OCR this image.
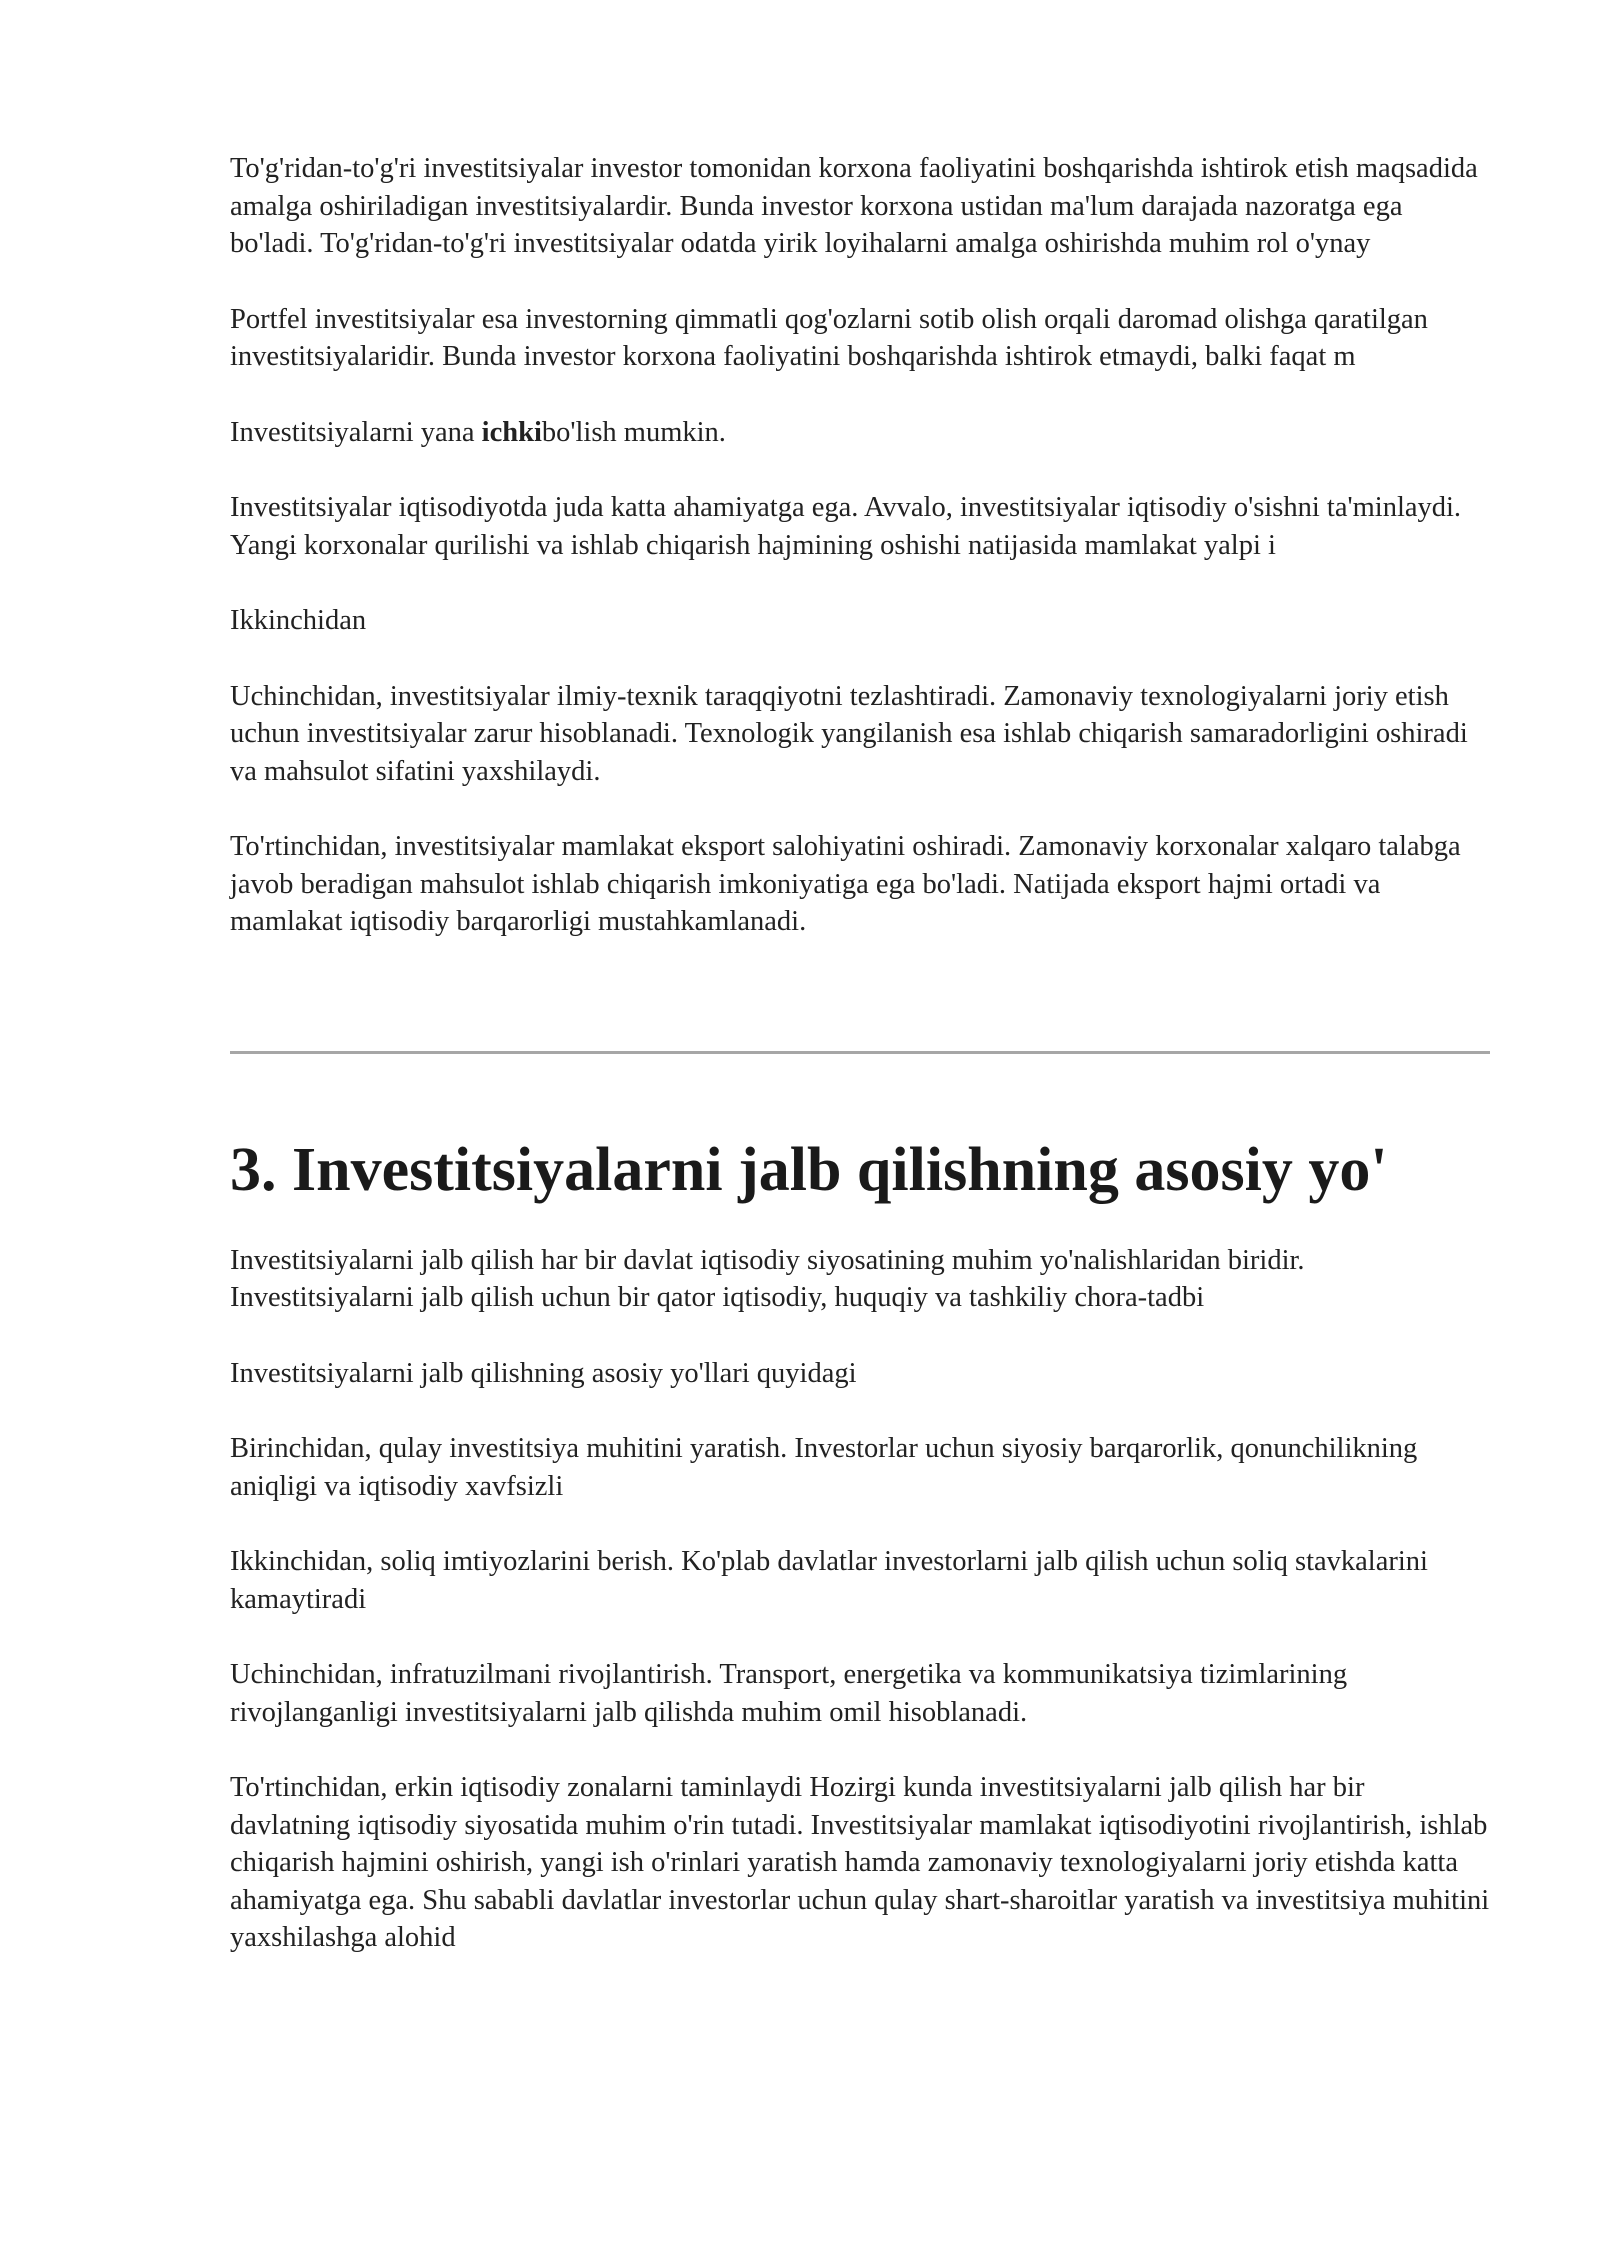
To'g'ridan-to'g'ri investitsiyalar investor tomonidan korxona faoliyatini boshqarishda ishtirok etish maqsadida amalga oshiriladigan investitsiyalardir. Bunda investor korxona ustidan ma'lum darajada nazoratga ega bo'ladi. To'g'ridan-to'g'ri investitsiyalar odatda yirik loyihalarni amalga oshirishda muhim rol o'ynay

Portfel investitsiyalar esa investorning qimmatli qog'ozlarni sotib olish orqali daromad olishga qaratilgan investitsiyalaridir. Bunda investor korxona faoliyatini boshqarishda ishtirok etmaydi, balki faqat m

Investitsiyalarni yana ichkibo'lish mumkin.

Investitsiyalar iqtisodiyotda juda katta ahamiyatga ega. Avvalo, investitsiyalar iqtisodiy o'sishni ta'minlaydi. Yangi korxonalar qurilishi va ishlab chiqarish hajmining oshishi natijasida mamlakat yalpi i

Ikkinchidan

Uchinchidan, investitsiyalar ilmiy-texnik taraqqiyotni tezlashtiradi. Zamonaviy texnologiyalarni joriy etish uchun investitsiyalar zarur hisoblanadi. Texnologik yangilanish esa ishlab chiqarish samaradorligini oshiradi va mahsulot sifatini yaxshilaydi.

To'rtinchidan, investitsiyalar mamlakat eksport salohiyatini oshiradi. Zamonaviy korxonalar xalqaro talabga javob beradigan mahsulot ishlab chiqarish imkoniyatiga ega bo'ladi. Natijada eksport hajmi ortadi va mamlakat iqtisodiy barqarorligi mustahkamlanadi.

3. Investitsiyalarni jalb qilishning asosiy yo'

Investitsiyalarni jalb qilish har bir davlat iqtisodiy siyosatining muhim yo'nalishlaridan biridir. Investitsiyalarni jalb qilish uchun bir qator iqtisodiy, huquqiy va tashkiliy chora-tadbi

Investitsiyalarni jalb qilishning asosiy yo'llari quyidagi

Birinchidan, qulay investitsiya muhitini yaratish. Investorlar uchun siyosiy barqarorlik, qonunchilikning aniqligi va iqtisodiy xavfsizli

Ikkinchidan, soliq imtiyozlarini berish. Ko'plab davlatlar investorlarni jalb qilish uchun soliq stavkalarini kamaytiradi

Uchinchidan, infratuzilmani rivojlantirish. Transport, energetika va kommunikatsiya tizimlarining rivojlanganligi investitsiyalarni jalb qilishda muhim omil hisoblanadi.

To'rtinchidan, erkin iqtisodiy zonalarni taminlaydi Hozirgi kunda investitsiyalarni jalb qilish har bir davlatning iqtisodiy siyosatida muhim o'rin tutadi. Investitsiyalar mamlakat iqtisodiyotini rivojlantirish, ishlab chiqarish hajmini oshirish, yangi ish o'rinlari yaratish hamda zamonaviy texnologiyalarni joriy etishda katta ahamiyatga ega. Shu sababli davlatlar investorlar uchun qulay shart-sharoitlar yaratish va investitsiya muhitini yaxshilashga alohid
